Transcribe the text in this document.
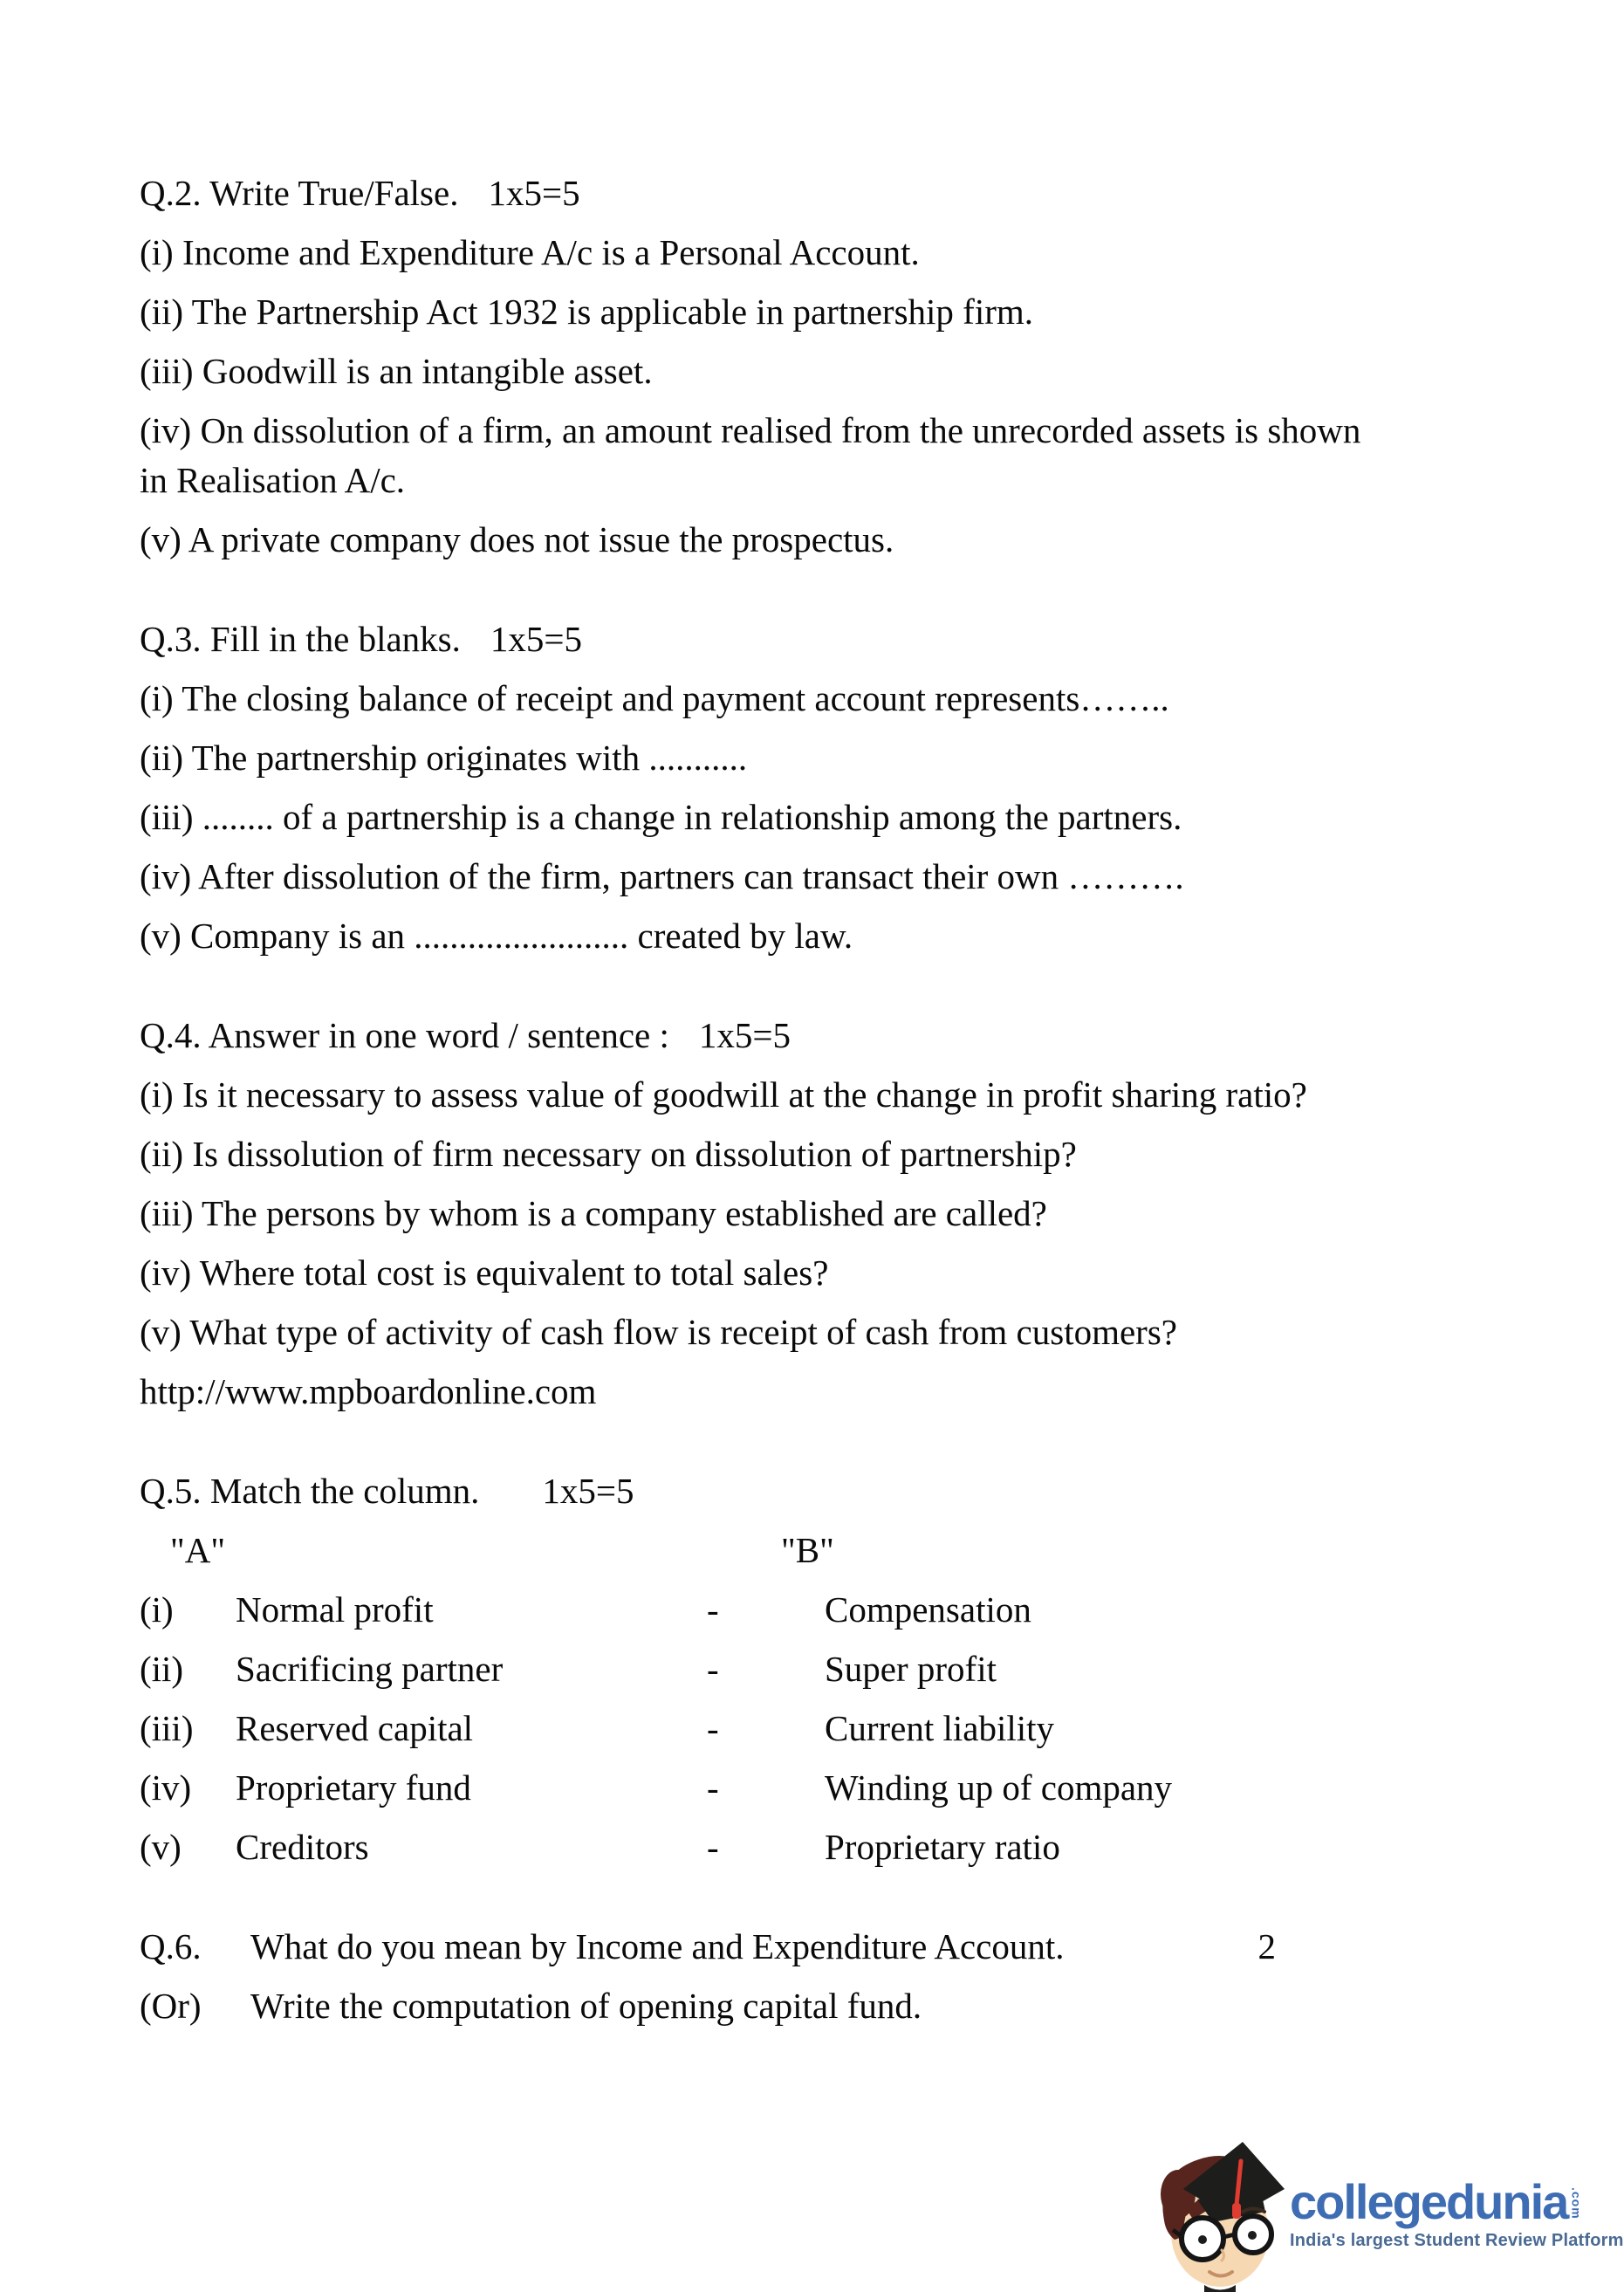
Q.2. Write True/False. 1x5=5

(i) Income and Expenditure A/c is a Personal Account.

(ii) The Partnership Act 1932 is applicable in partnership firm.

(iii) Goodwill is an intangible asset.

(iv) On dissolution of a firm, an amount realised from the unrecorded assets is shown

in Realisation A/c.

(v) A private company does not issue the prospectus.

Q.3. Fill in the blanks. 1x5=5

(i) The closing balance of receipt and payment account represents……..

(ii) The partnership originates with ...........

(iii) ........ of a partnership is a change in relationship among the partners.

(iv) After dissolution of the firm, partners can transact their own ……….

(v) Company is an ........................ created by law.

Q.4. Answer in one word / sentence : 1x5=5

(i) Is it necessary to assess value of goodwill at the change in profit sharing ratio?

(ii) Is dissolution of firm necessary on dissolution of partnership?

(iii) The persons by whom is a company established are called?

(iv) Where total cost is equivalent to total sales?

(v) What type of activity of cash flow is receipt of cash from customers?

http://www.mpboardonline.com

Q.5. Match the column. 1x5=5

"A"	"B"
(i)	Normal profit	-	Compensation
(ii)	Sacrificing partner	-	Super profit
(iii)	Reserved capital	-	Current liability
(iv)	Proprietary fund	-	Winding up of company
(v)	Creditors	-	Proprietary ratio
Q.6.	What do you mean by Income and Expenditure Account.	2
(Or)	Write the computation of opening capital fund.
collegedunia .com
India's largest Student Review Platform
